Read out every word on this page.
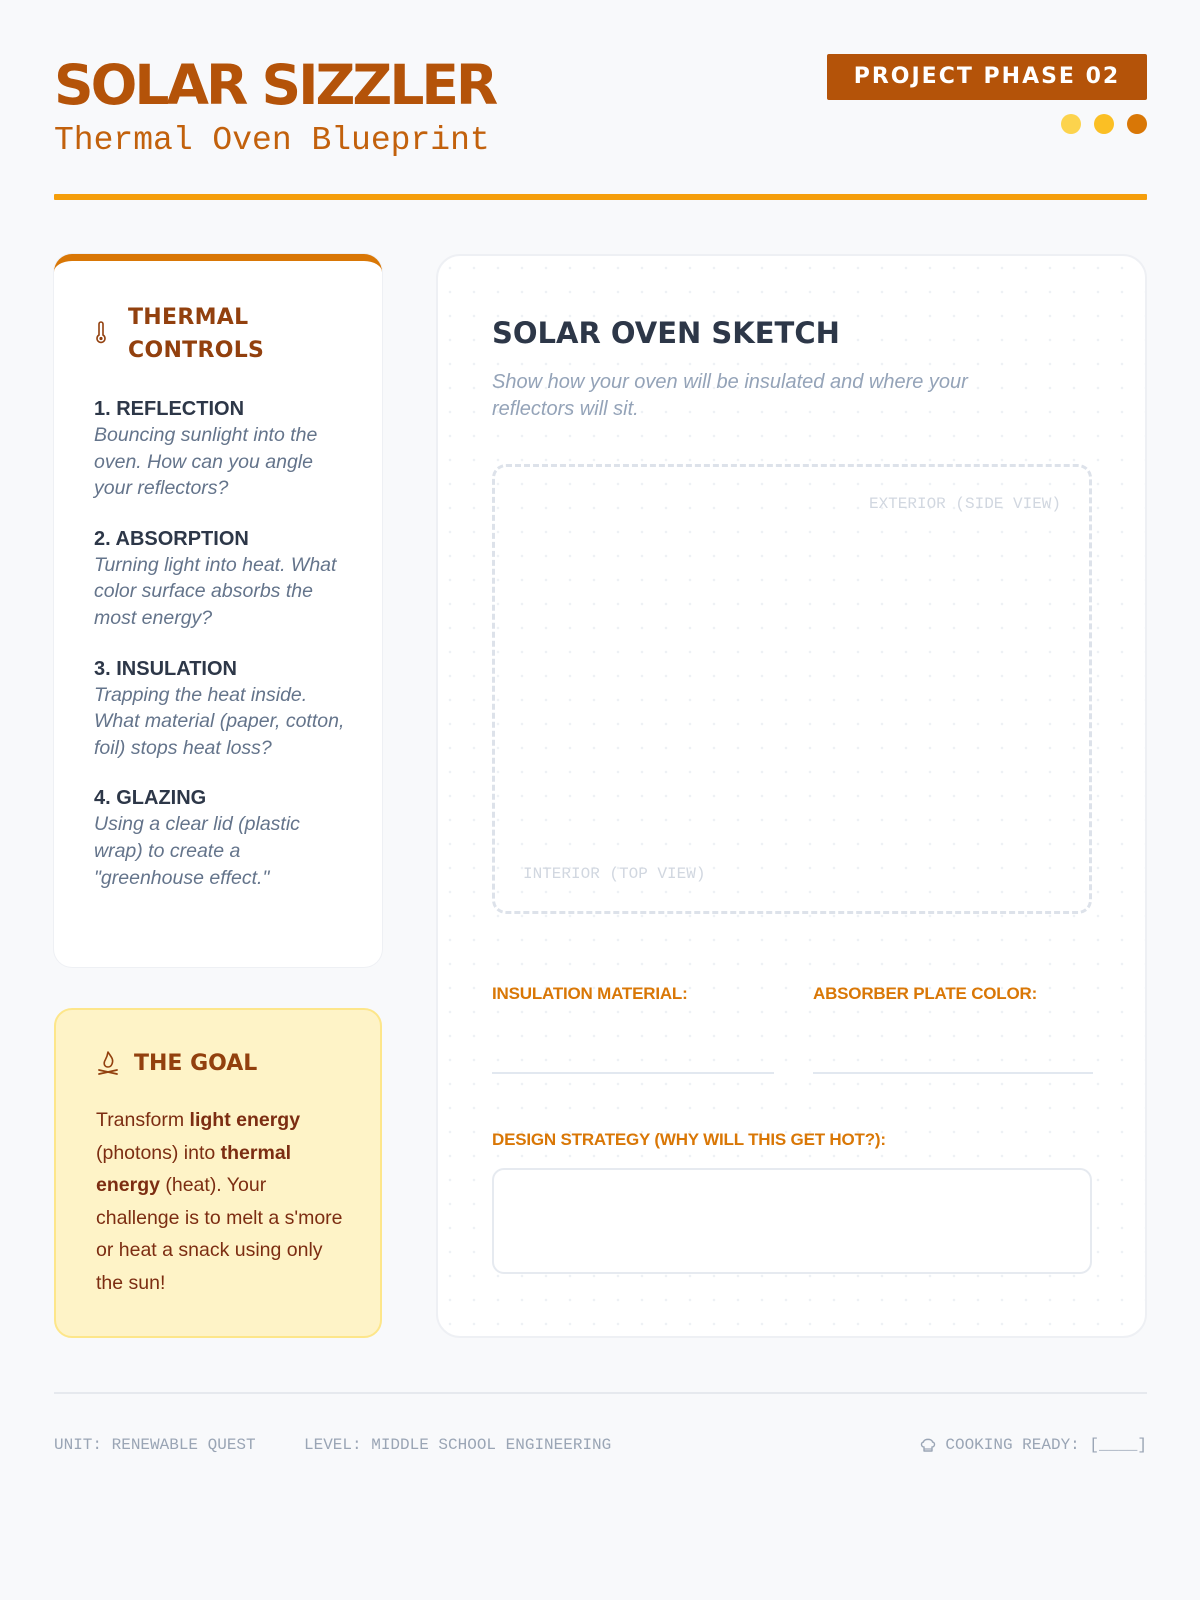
SOLAR SIZZLER
Thermal Oven Blueprint
PROJECT PHASE 02
THERMAL
CONTROLS
1. REFLECTION
Bouncing sunlight into the oven. How can you angle your reflectors?
2. ABSORPTION
Turning light into heat. What color surface absorbs the most energy?
3. INSULATION
Trapping the heat inside. What material (paper, cotton, foil) stops heat loss?
4. GLAZING
Using a clear lid (plastic wrap) to create a "greenhouse effect."
THE GOAL
Transform light energy (photons) into thermal energy (heat). Your challenge is to melt a s'more or heat a snack using only the sun!
SOLAR OVEN SKETCH
Show how your oven will be insulated and where your reflectors will sit.
EXTERIOR (SIDE VIEW)
INTERIOR (TOP VIEW)
INSULATION MATERIAL:	ABSORBER PLATE COLOR:
DESIGN STRATEGY (WHY WILL THIS GET HOT?):
UNIT: RENEWABLE QUEST	LEVEL: MIDDLE SCHOOL ENGINEERING	COOKING READY: [____]
